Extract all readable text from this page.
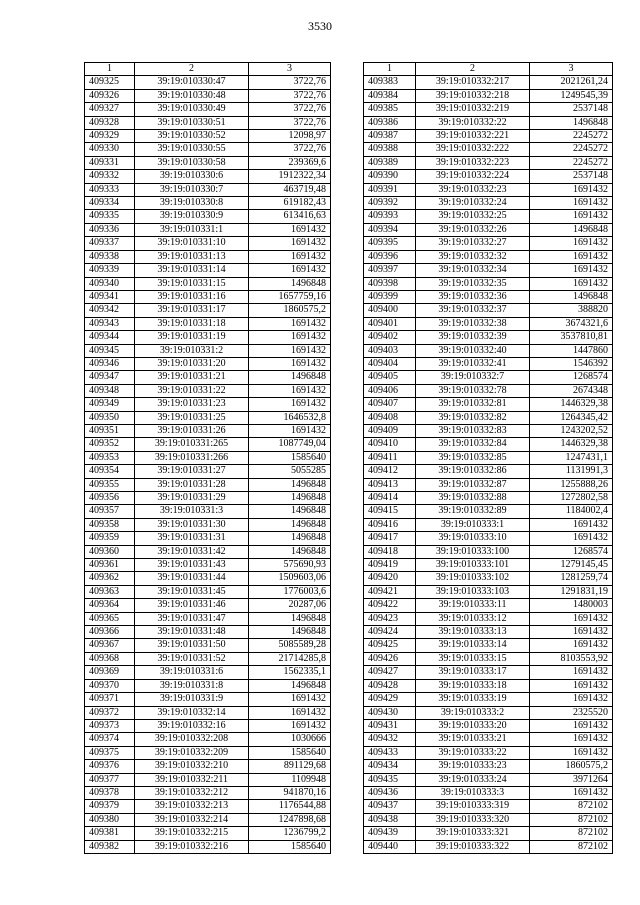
3530
1	2	3
409325	39:19:010330:47	3722,76
409326	39:19:010330:48	3722,76
409327	39:19:010330:49	3722,76
409328	39:19:010330:51	3722,76
409329	39:19:010330:52	12098,97
409330	39:19:010330:55	3722,76
409331	39:19:010330:58	239369,6
409332	39:19:010330:6	1912322,34
409333	39:19:010330:7	463719,48
409334	39:19:010330:8	619182,43
409335	39:19:010330:9	613416,63
409336	39:19:010331:1	1691432
409337	39:19:010331:10	1691432
409338	39:19:010331:13	1691432
409339	39:19:010331:14	1691432
409340	39:19:010331:15	1496848
409341	39:19:010331:16	1657759,16
409342	39:19:010331:17	1860575,2
409343	39:19:010331:18	1691432
409344	39:19:010331:19	1691432
409345	39:19:010331:2	1691432
409346	39:19:010331:20	1691432
409347	39:19:010331:21	1496848
409348	39:19:010331:22	1691432
409349	39:19:010331:23	1691432
409350	39:19:010331:25	1646532,8
409351	39:19:010331:26	1691432
409352	39:19:010331:265	1087749,04
409353	39:19:010331:266	1585640
409354	39:19:010331:27	5055285
409355	39:19:010331:28	1496848
409356	39:19:010331:29	1496848
409357	39:19:010331:3	1496848
409358	39:19:010331:30	1496848
409359	39:19:010331:31	1496848
409360	39:19:010331:42	1496848
409361	39:19:010331:43	575690,93
409362	39:19:010331:44	1509603,06
409363	39:19:010331:45	1776003,6
409364	39:19:010331:46	20287,06
409365	39:19:010331:47	1496848
409366	39:19:010331:48	1496848
409367	39:19:010331:50	5085589,28
409368	39:19:010331:52	21714285,8
409369	39:19:010331:6	1562335,1
409370	39:19:010331:8	1496848
409371	39:19:010331:9	1691432
409372	39:19:010332:14	1691432
409373	39:19:010332:16	1691432
409374	39:19:010332:208	1030666
409375	39:19:010332:209	1585640
409376	39:19:010332:210	891129,68
409377	39:19:010332:211	1109948
409378	39:19:010332:212	941870,16
409379	39:19:010332:213	1176544,88
409380	39:19:010332:214	1247898,68
409381	39:19:010332:215	1236799,2
409382	39:19:010332:216	1585640
1	2	3
409383	39:19:010332:217	2021261,24
409384	39:19:010332:218	1249545,39
409385	39:19:010332:219	2537148
409386	39:19:010332:22	1496848
409387	39:19:010332:221	2245272
409388	39:19:010332:222	2245272
409389	39:19:010332:223	2245272
409390	39:19:010332:224	2537148
409391	39:19:010332:23	1691432
409392	39:19:010332:24	1691432
409393	39:19:010332:25	1691432
409394	39:19:010332:26	1496848
409395	39:19:010332:27	1691432
409396	39:19:010332:32	1691432
409397	39:19:010332:34	1691432
409398	39:19:010332:35	1691432
409399	39:19:010332:36	1496848
409400	39:19:010332:37	388820
409401	39:19:010332:38	3674321,6
409402	39:19:010332:39	3537810,81
409403	39:19:010332:40	1447860
409404	39:19:010332:41	1546392
409405	39:19:010332:7	1268574
409406	39:19:010332:78	2674348
409407	39:19:010332:81	1446329,38
409408	39:19:010332:82	1264345,42
409409	39:19:010332:83	1243202,52
409410	39:19:010332:84	1446329,38
409411	39:19:010332:85	1247431,1
409412	39:19:010332:86	1131991,3
409413	39:19:010332:87	1255888,26
409414	39:19:010332:88	1272802,58
409415	39:19:010332:89	1184002,4
409416	39:19:010333:1	1691432
409417	39:19:010333:10	1691432
409418	39:19:010333:100	1268574
409419	39:19:010333:101	1279145,45
409420	39:19:010333:102	1281259,74
409421	39:19:010333:103	1291831,19
409422	39:19:010333:11	1480003
409423	39:19:010333:12	1691432
409424	39:19:010333:13	1691432
409425	39:19:010333:14	1691432
409426	39:19:010333:15	8103553,92
409427	39:19:010333:17	1691432
409428	39:19:010333:18	1691432
409429	39:19:010333:19	1691432
409430	39:19:010333:2	2325520
409431	39:19:010333:20	1691432
409432	39:19:010333:21	1691432
409433	39:19:010333:22	1691432
409434	39:19:010333:23	1860575,2
409435	39:19:010333:24	3971264
409436	39:19:010333:3	1691432
409437	39:19:010333:319	872102
409438	39:19:010333:320	872102
409439	39:19:010333:321	872102
409440	39:19:010333:322	872102
